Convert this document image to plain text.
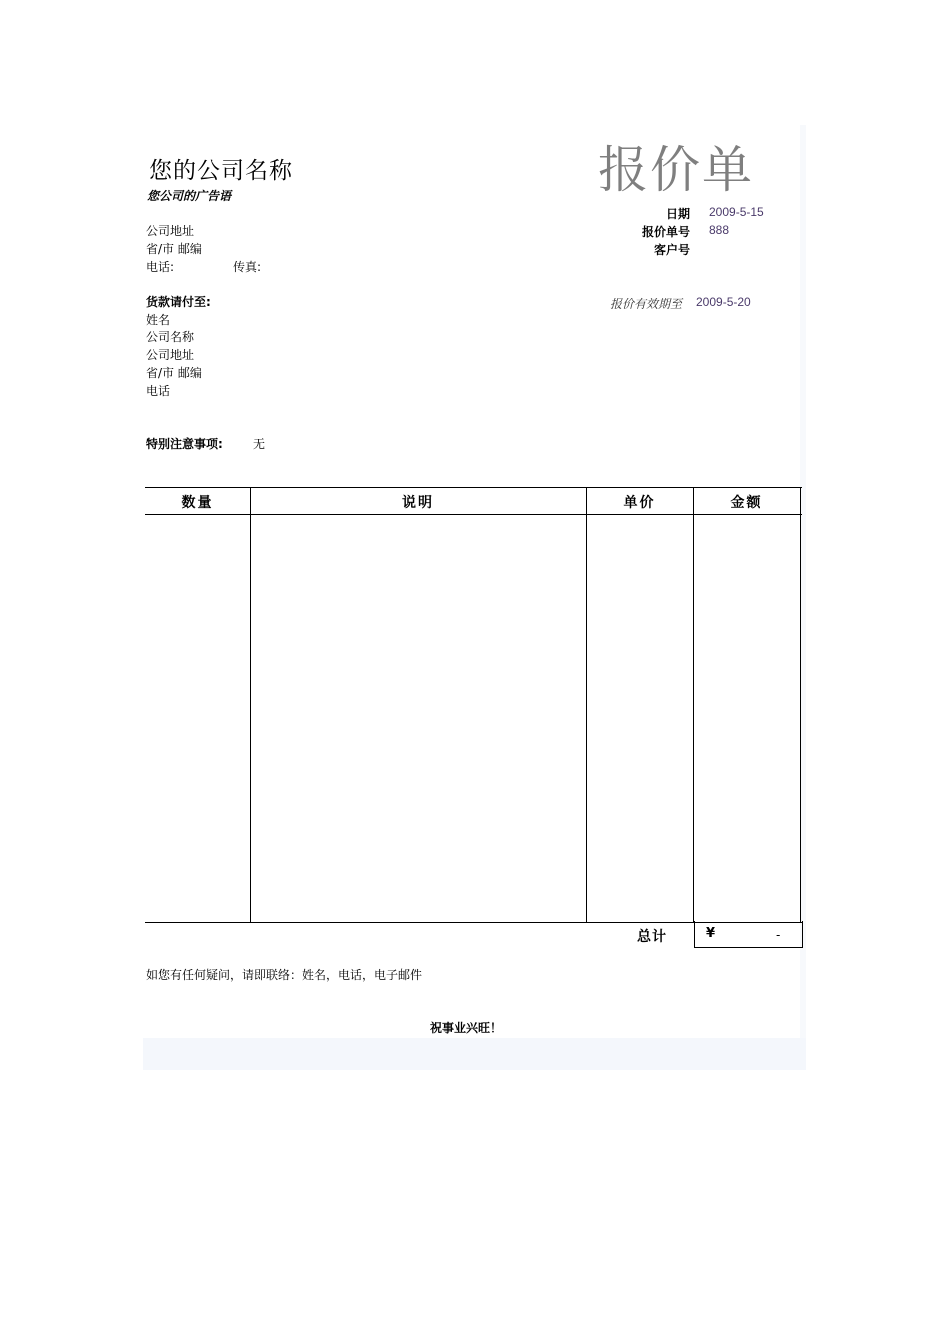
您的公司名称
您公司的广告语
公司地址
省/市 邮编
电话:	传真:
报价单
日期 2009-5-15
报价单号 888
客户号
报价有效期至 2009-5-20
货款请付至:
姓名
公司名称
公司地址
省/市 邮编
电话
特别注意事项:	无
数量	说明	单价	金额
总计	¥	-
如您有任何疑问，请即联络：姓名，电话，电子邮件
祝事业兴旺！
